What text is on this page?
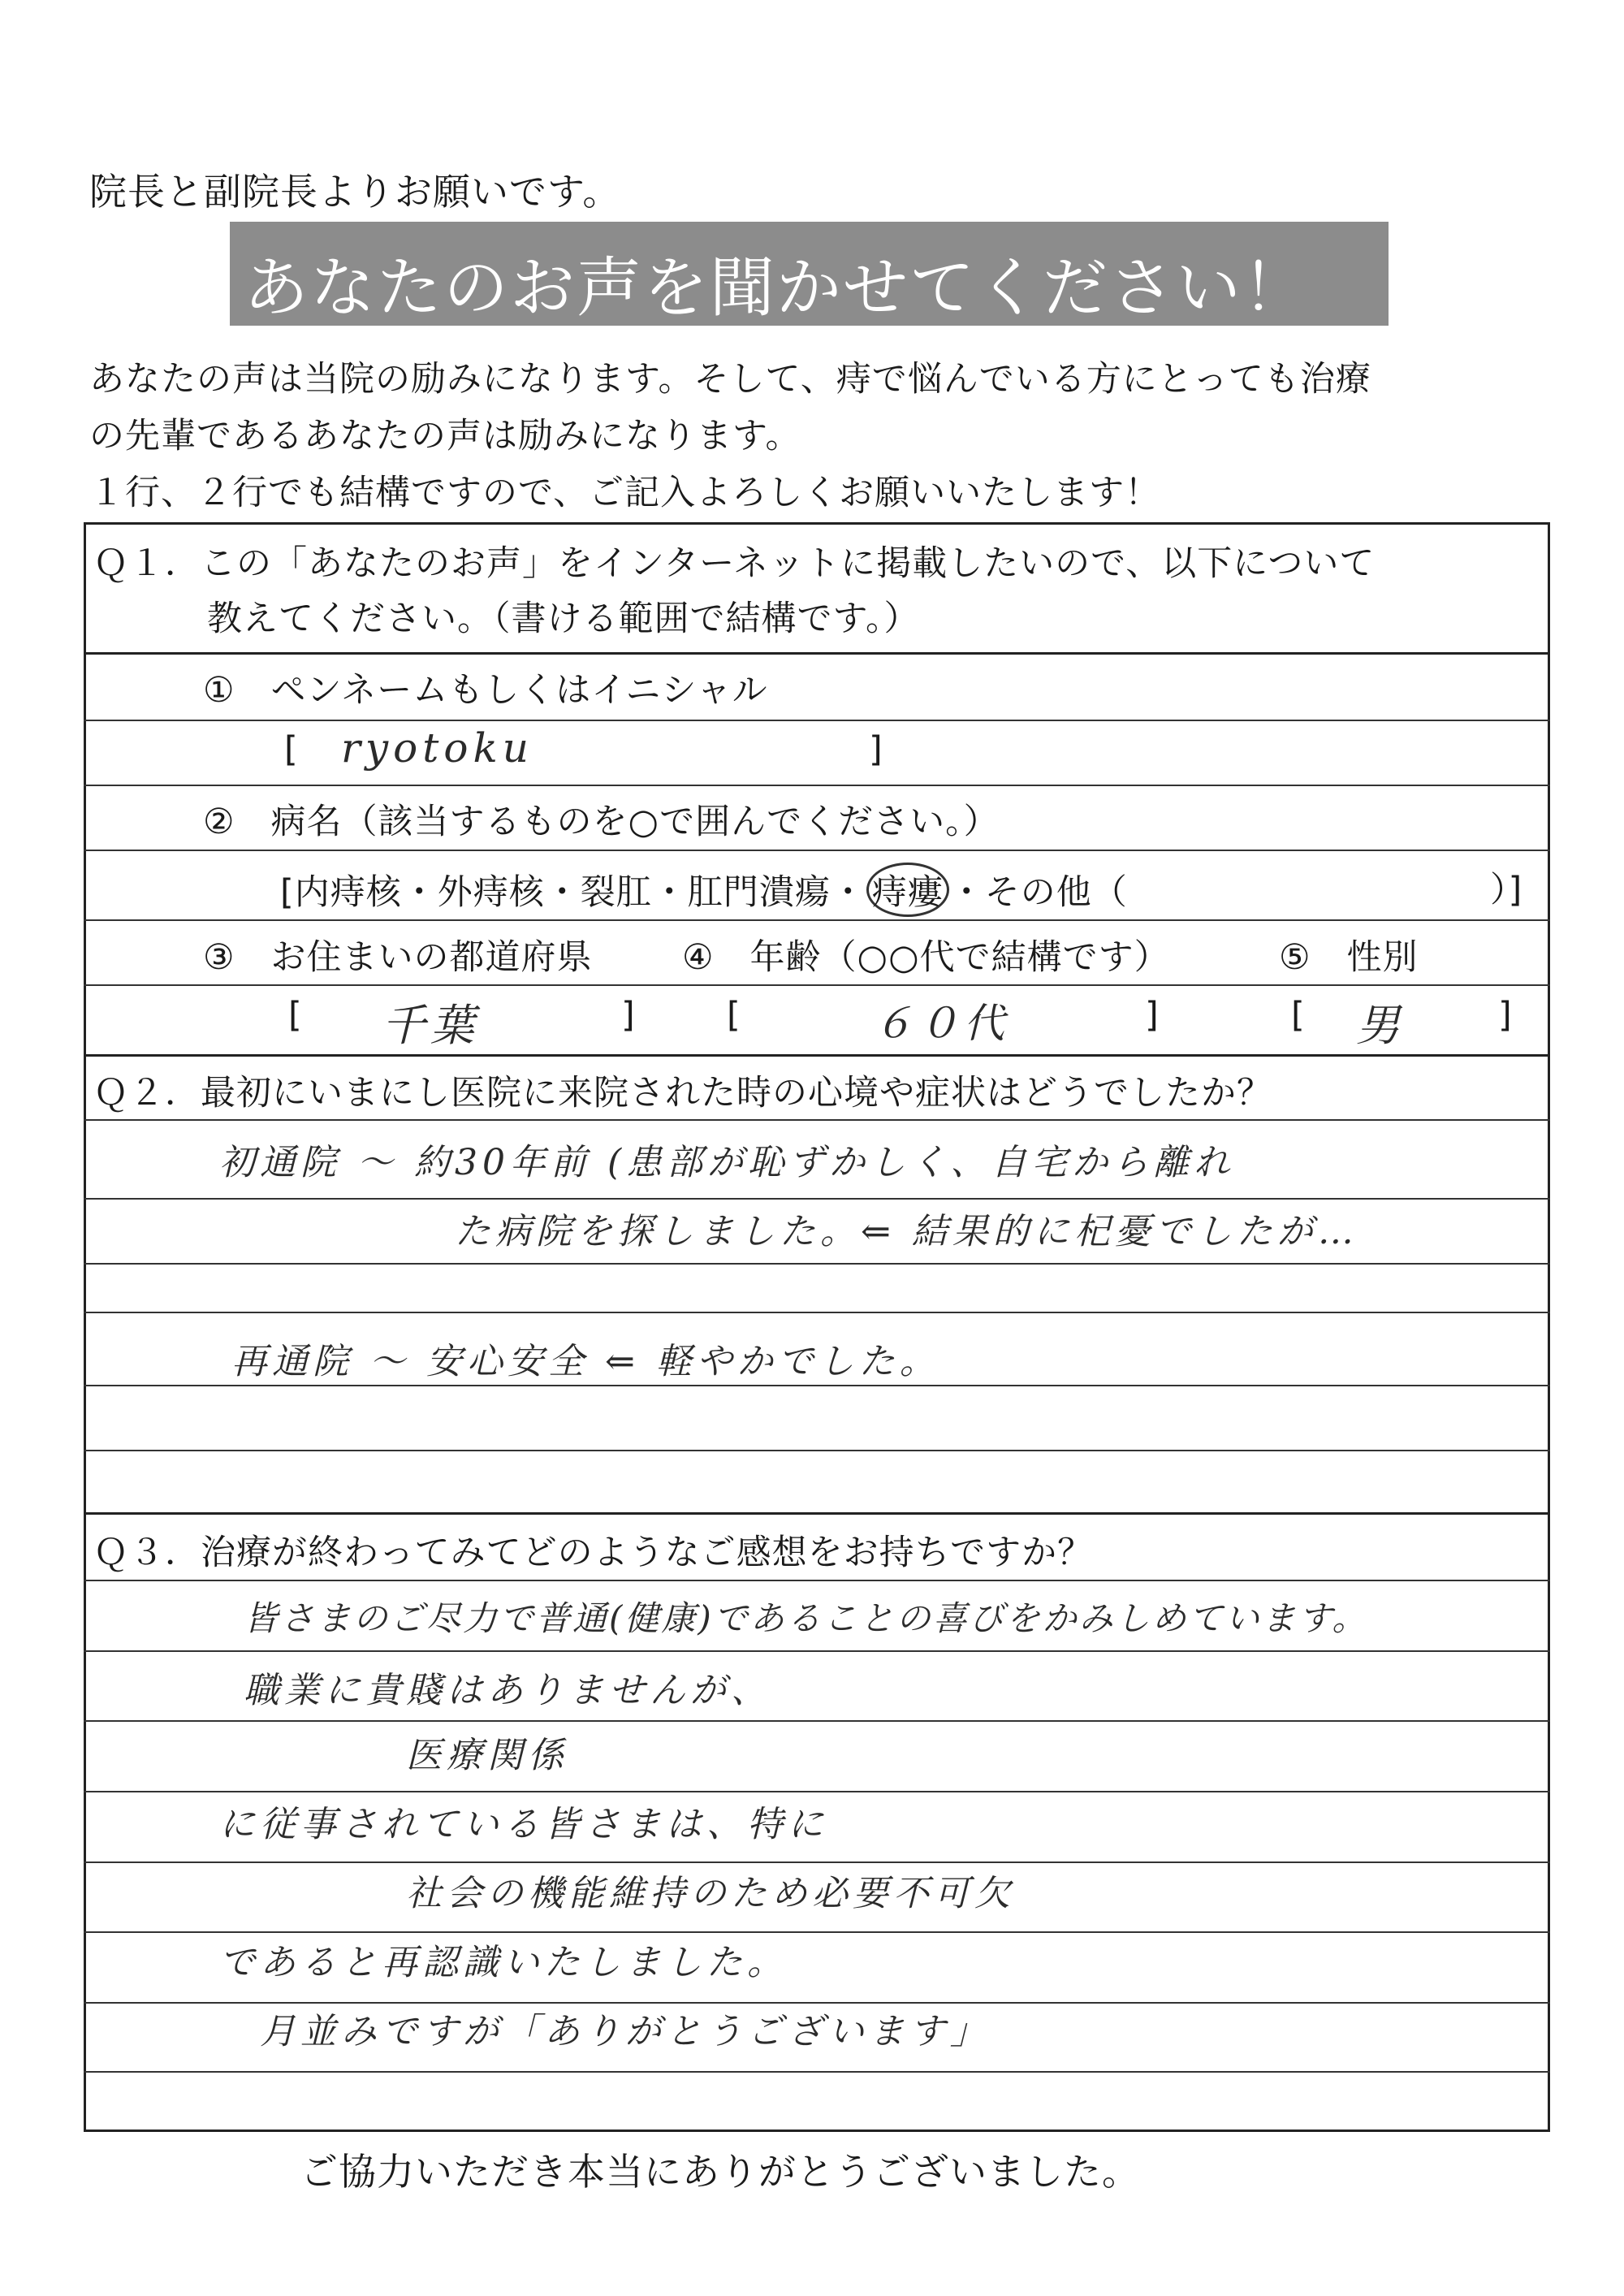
院長と副院長よりお願いです。
あなたのお声を聞かせてください！
あなたの声は当院の励みになります。そして、痔で悩んでいる方にとっても治療
の先輩であるあなたの声は励みになります。
１行、２行でも結構ですので、ご記入よろしくお願いいたします！
Ｑ１．この「あなたのお声」をインターネットに掲載したいので、以下について
教えてください。（書ける範囲で結構です。）
①　ペンネームもしくはイニシャル
[ ryotoku	]
②　病名（該当するものを○で囲んでください。）
[内痔核・外痔核・裂肛・肛門潰瘍・ 痔瘻 ・その他（	）]
③　お住まいの都道府県	④　年齢（○○代で結構です）	⑤　性別
[ 千葉	]	[	６０代	]	[ 男	]
Ｑ２．最初にいまにし医院に来院された時の心境や症状はどうでしたか？
初通院 ～ 約30年前 (患部が恥ずかしく、自宅から離れ
た病院を探しました。⇐ 結果的に杞憂でしたが…
再通院 ～ 安心安全 ⇐ 軽やかでした。
Ｑ３．治療が終わってみてどのようなご感想をお持ちですか？
皆さまのご尽力で普通(健康)であることの喜びをかみしめています。
職業に貴賤はありませんが、
医療関係
に従事されている皆さまは、特に
社会の機能維持のため必要不可欠
であると再認識いたしました。
月並みですが「ありがとうございます」
ご協力いただき本当にありがとうございました。
